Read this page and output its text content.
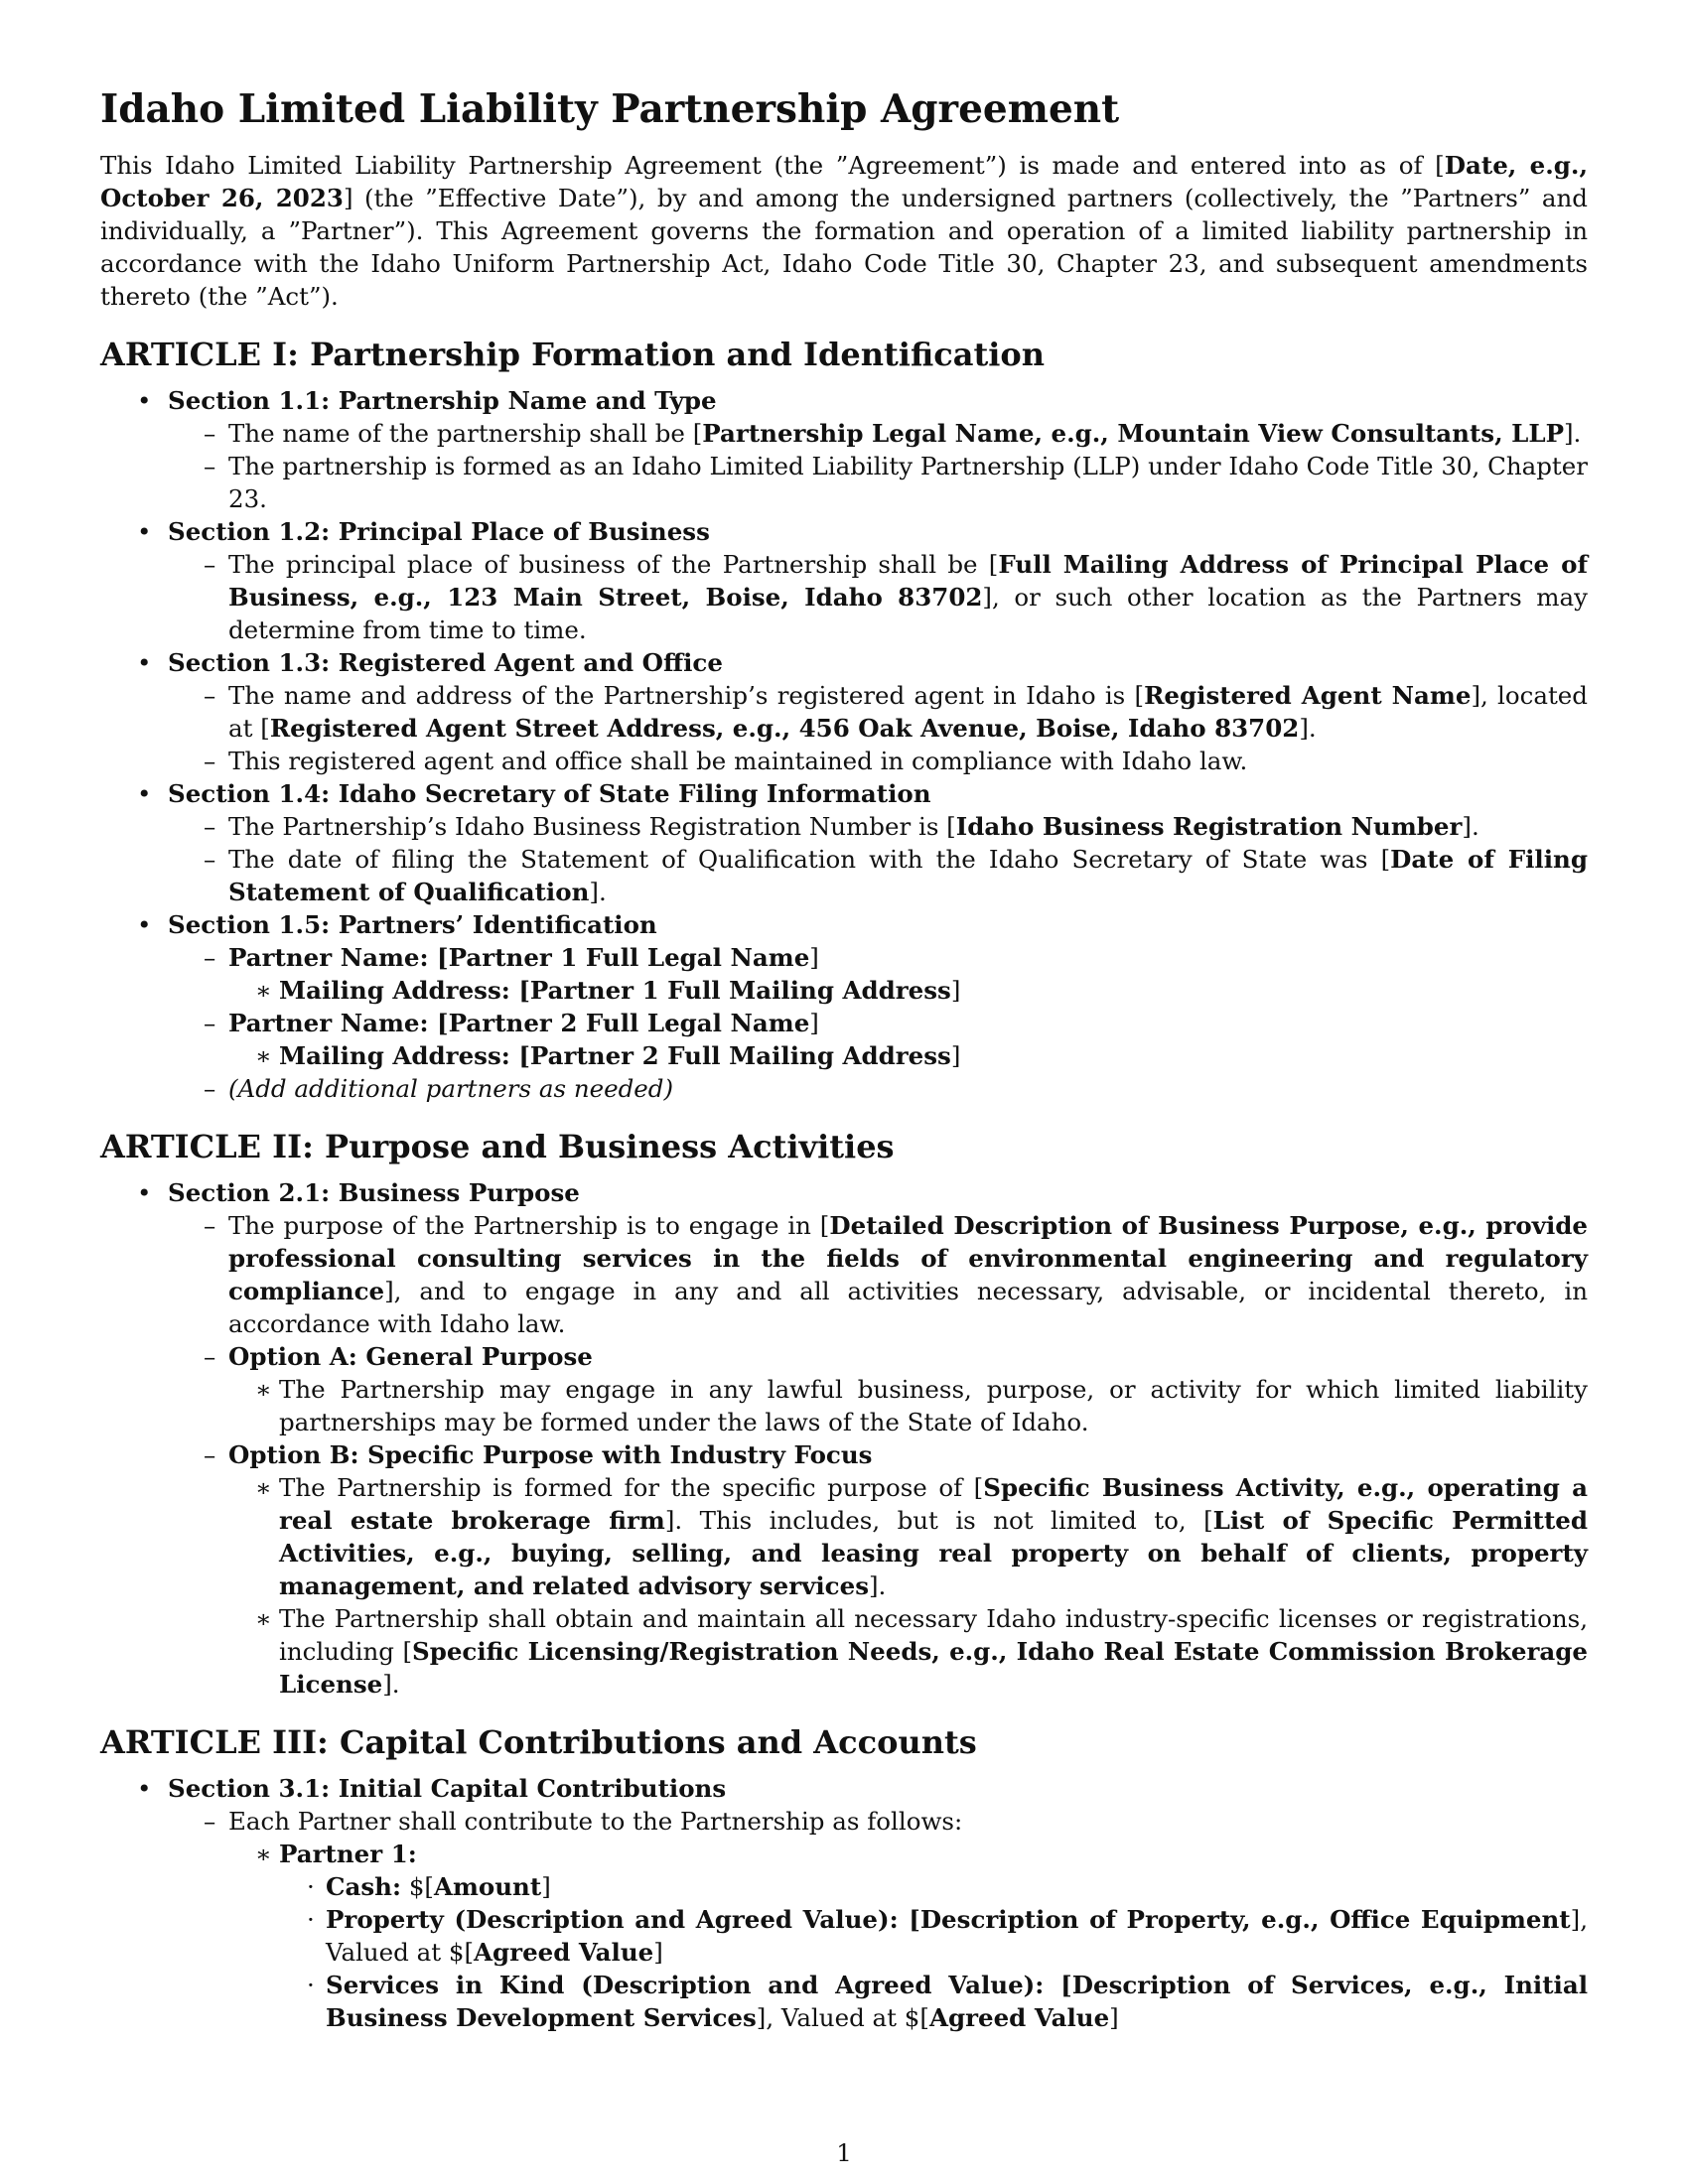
Idaho Limited Liability Partnership Agreement

This Idaho Limited Liability Partnership Agreement (the ”Agreement”) is made and entered into as of [Date, e.g., October 26, 2023] (the ”Effective Date”), by and among the undersigned partners (collectively, the ”Partners” and individually, a ”Partner”). This Agreement governs the formation and operation of a limited liability partnership in accordance with the Idaho Uniform Partnership Act, Idaho Code Title 30, Chapter 23, and subsequent amendments thereto (the ”Act”).

ARTICLE I: Partnership Formation and Identification
• Section 1.1: Partnership Name and Type
– The name of the partnership shall be [Partnership Legal Name, e.g., Mountain View Consultants, LLP].
– The partnership is formed as an Idaho Limited Liability Partnership (LLP) under Idaho Code Title 30, Chapter 23.
• Section 1.2: Principal Place of Business
– The principal place of business of the Partnership shall be [Full Mailing Address of Principal Place of Business, e.g., 123 Main Street, Boise, Idaho 83702], or such other location as the Partners may determine from time to time.
• Section 1.3: Registered Agent and Office
– The name and address of the Partnership’s registered agent in Idaho is [Registered Agent Name], located at [Registered Agent Street Address, e.g., 456 Oak Avenue, Boise, Idaho 83702].
– This registered agent and office shall be maintained in compliance with Idaho law.
• Section 1.4: Idaho Secretary of State Filing Information
– The Partnership’s Idaho Business Registration Number is [Idaho Business Registration Number].
– The date of filing the Statement of Qualification with the Idaho Secretary of State was [Date of Filing Statement of Qualification].
• Section 1.5: Partners’ Identification
– Partner Name: [Partner 1 Full Legal Name]
∗ Mailing Address: [Partner 1 Full Mailing Address]
– Partner Name: [Partner 2 Full Legal Name]
∗ Mailing Address: [Partner 2 Full Mailing Address]
– (Add additional partners as needed)
ARTICLE II: Purpose and Business Activities
• Section 2.1: Business Purpose
– The purpose of the Partnership is to engage in [Detailed Description of Business Purpose, e.g., provide professional consulting services in the fields of environmental engineering and regulatory compliance], and to engage in any and all activities necessary, advisable, or incidental thereto, in accordance with Idaho law.
– Option A: General Purpose
∗ The Partnership may engage in any lawful business, purpose, or activity for which limited liability partnerships may be formed under the laws of the State of Idaho.
– Option B: Specific Purpose with Industry Focus
∗ The Partnership is formed for the specific purpose of [Specific Business Activity, e.g., operating a real estate brokerage firm]. This includes, but is not limited to, [List of Specific Permitted Activities, e.g., buying, selling, and leasing real property on behalf of clients, property management, and related advisory services].
∗ The Partnership shall obtain and maintain all necessary Idaho industry-specific licenses or registrations, including [Specific Licensing/Registration Needs, e.g., Idaho Real Estate Commission Brokerage License].
ARTICLE III: Capital Contributions and Accounts
• Section 3.1: Initial Capital Contributions
– Each Partner shall contribute to the Partnership as follows:
∗ Partner 1:
· Cash: $[Amount]
· Property (Description and Agreed Value): [Description of Property, e.g., Office Equipment], Valued at $[Agreed Value]
· Services in Kind (Description and Agreed Value): [Description of Services, e.g., Initial Business Development Services], Valued at $[Agreed Value]
1
